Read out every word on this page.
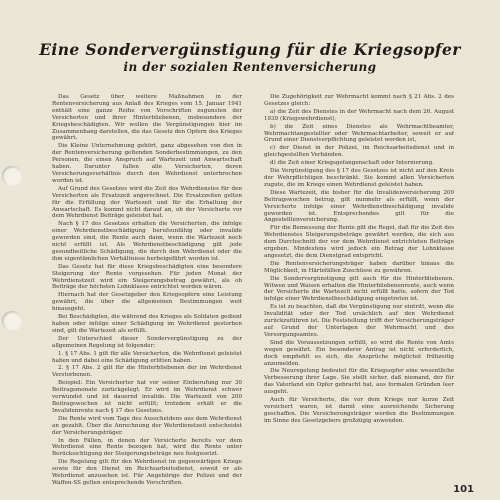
Eine Sondervergünstigung für die Kriegsopfer
in der sozialen Rentenversicherung

Das Gesetz über weitere Maßnahmen in der Rentenversicherung aus Anlaß des Krieges vom 15. Januar 1941 enthält eine ganze Reihe von Vorschriften zugunsten der Versicherten und ihrer Hinterbliebenen, insbesondere der Kriegsbeschädigten. Wir wollen die Vergünstigungen hier im Zusammenhang darstellen, die das Gesetz den Opfern des Krieges gewährt.

Die Kleine Unternehmung gehört, ganz abgesehen von den in der Rentenversicherung geltenden Sonderbestimmungen, zu den Personen, die einen Anspruch auf Wartezeit und Anwartschaft haben. Darunter fallen alle Versicherten, deren Versicherungsverhältnis durch den Wehrdienst unterbrochen worden ist.

Auf Grund des Gesetzes wird die Zeit des Wehrdienstes für den Versicherten als Ersatzzeit angerechnet. Die Ersatzzeiten gelten für die Erfüllung der Wartezeit und für die Erhaltung der Anwartschaft. Es kommt nicht darauf an, ob der Versicherte vor dem Wehrdienst Beiträge geleistet hat.

Nach § 17 des Gesetzes erhalten die Versicherten, die infolge einer Wehrdienstbeschädigung berufsunfähig oder invalide geworden sind, die Rente auch dann, wenn die Wartezeit noch nicht erfüllt ist. Als Wehrdienstbeschädigung gilt jede gesundheitliche Schädigung, die durch den Wehrdienst oder die ihm eigentümlichen Verhältnisse herbeigeführt worden ist.

Das Gesetz hat für diese Kriegsbeschädigten eine besondere Steigerung der Rente vorgesehen. Für jeden Monat der Wehrdienstzeit wird ein Steigerungsbetrag gewährt, als ob Beiträge der höchsten Lohnklasse entrichtet worden wären.

Hiernach hat der Gesetzgeber den Kriegsopfern eine Leistung gewährt, die über die allgemeinen Bestimmungen weit hinausgeht.

Bei Beschädigten, die während des Krieges als Soldaten gedient haben oder infolge einer Schädigung im Wehrdienst gestorben sind, gilt die Wartezeit als erfüllt.

Der Unterschied dieser Sondervergünstigung zu der allgemeinen Regelung ist folgender:

1. § 17 Abs. 1 gilt für alle Versicherten, die Wehrdienst geleistet haben und dabei eine Schädigung erlitten haben.

2. § 17 Abs. 2 gilt für die Hinterbliebenen der im Wehrdienst Verstorbenen.

Beispiel: Ein Versicherter hat vor seiner Einberufung nur 30 Beitragsmonate zurückgelegt. Er wird im Wehrdienst schwer verwundet und ist dauernd invalide. Die Wartezeit von 200 Beitragswochen ist nicht erfüllt; trotzdem erhält er die Invalidenrente nach § 17 des Gesetzes.

Die Rente wird vom Tage des Ausscheidens aus dem Wehrdienst an gezahlt. Über die Anrechnung der Wehrdienstzeit entscheidet der Versicherungsträger.

In den Fällen, in denen der Versicherte bereits vor dem Wehrdienst eine Rente bezogen hat, wird die Rente unter Berücksichtigung der Steigerungsbeträge neu festgesetzt.

Die Regelung gilt für den Wehrdienst im gegenwärtigen Kriege sowie für den Dienst im Reichsarbeitsdienst, soweit er als Wehrdienst anzusehen ist. Für Angehörige der Polizei und der Waffen-SS gelten entsprechende Vorschriften.

Die Zugehörigkeit zur Wehrmacht kommt nach § 21 Abs. 2 des Gesetzes gleich:

a) die Zeit des Dienstes in der Wehrmacht nach dem 26. August 1939 (Kriegswehrdienst),

b) die Zeit eines Dienstes als Wehrmachtbeamter, Wehrmachtangestellter oder Wehrmachtarbeiter, soweit er auf Grund einer Dienstverpflichtung geleistet worden ist,

c) der Dienst in der Polizei, im Reichsarbeitsdienst und in gleichgestellten Verbänden.

d) die Zeit einer Kriegsgefangenschaft oder Internierung.

Die Vergünstigung des § 17 des Gesetzes ist nicht auf den Kreis der Wehrpflichtigen beschränkt. Sie kommt allen Versicherten zugute, die im Kriege einen Wehrdienst geleistet haben.

Diese Wartezeit, die bisher für die Invalidenversicherung 200 Beitragswochen betrug, gilt nunmehr als erfüllt, wenn der Versicherte infolge einer Wehrdienstbeschädigung invalide geworden ist. Entsprechendes gilt für die Angestelltenversicherung.

Für die Bemessung der Rente gilt die Regel, daß für die Zeit des Wehrdienstes Steigerungsbeträge gewährt werden, die sich aus dem Durchschnitt der vor dem Wehrdienst entrichteten Beiträge ergeben. Mindestens wird jedoch ein Betrag der Lohnklasse angesetzt, die dem Dienstgrad entspricht.

Die Rentenversicherungsträger haben darüber hinaus die Möglichkeit, in Härtefällen Zuschüsse zu gewähren.

Die Sondervergünstigung gilt auch für die Hinterbliebenen. Witwen und Waisen erhalten die Hinterbliebenenrente, auch wenn der Versicherte die Wartezeit nicht erfüllt hatte, sofern der Tod infolge einer Wehrdienstbeschädigung eingetreten ist.

Es ist zu beachten, daß die Vergünstigung nur eintritt, wenn die Invalidität oder der Tod ursächlich auf den Wehrdienst zurückzuführen ist. Die Feststellung trifft der Versicherungsträger auf Grund der Unterlagen der Wehrmacht und des Versorgungsamtes.

Sind die Voraussetzungen erfüllt, so wird die Rente von Amts wegen gewährt. Ein besonderer Antrag ist nicht erforderlich, doch empfiehlt es sich, die Ansprüche möglichst frühzeitig anzumelden.

Die Neuregelung bedeutet für die Kriegsopfer eine wesentliche Verbesserung ihrer Lage. Sie stellt sicher, daß niemand, der für das Vaterland ein Opfer gebracht hat, aus formalen Gründen leer ausgeht.

Auch für Versicherte, die vor dem Kriege nur kurze Zeit versichert waren, ist damit eine ausreichende Sicherung geschaffen. Die Versicherungsträger werden die Bestimmungen im Sinne des Gesetzgebers großzügig anwenden.

101
